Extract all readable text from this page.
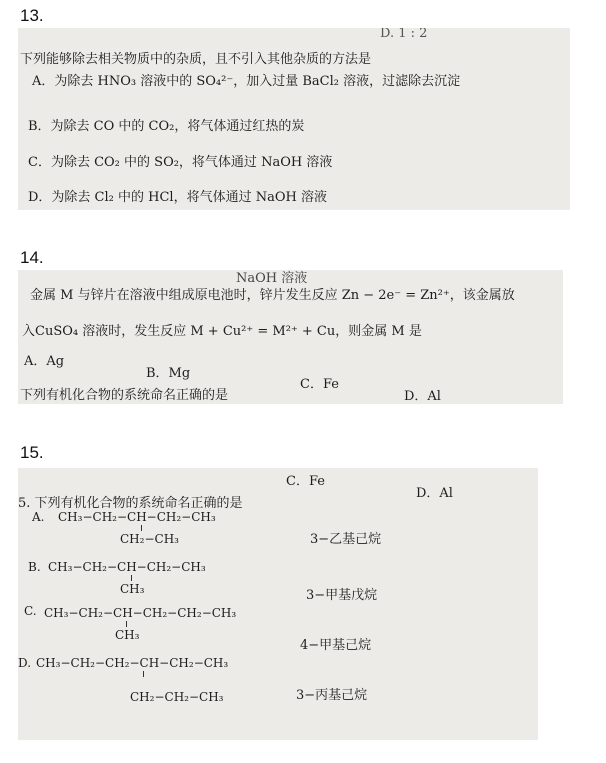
13.
D. 1 : 2
下列能够除去相关物质中的杂质，且不引入其他杂质的方法是
A．为除去 HNO₃ 溶液中的 SO₄²⁻，加入过量 BaCl₂ 溶液，过滤除去沉淀
B．为除去 CO 中的 CO₂，将气体通过红热的炭
C．为除去 CO₂ 中的 SO₂，将气体通过 NaOH 溶液
D．为除去 Cl₂ 中的 HCl，将气体通过 NaOH 溶液
14.
NaOH 溶液
金属 M 与锌片在溶液中组成原电池时，锌片发生反应 Zn − 2e⁻ = Zn²⁺，该金属放
入CuSO₄ 溶液时，发生反应 M + Cu²⁺ = M²⁺ + Cu，则金属 M 是
A．Ag
B．Mg
C．Fe
D．Al
下列有机化合物的系统命名正确的是
15.
C．Fe
D．Al
5. 下列有机化合物的系统命名正确的是
A. CH₃−CH₂−CH−CH₂−CH₃
CH₂−CH₃	3−乙基己烷
B. CH₃−CH₂−CH−CH₂−CH₃
CH₃	3−甲基戊烷
C. CH₃−CH₂−CH−CH₂−CH₂−CH₃
CH₃
4−甲基己烷
D. CH₃−CH₂−CH₂−CH−CH₂−CH₃
CH₂−CH₂−CH₃	3−丙基己烷
